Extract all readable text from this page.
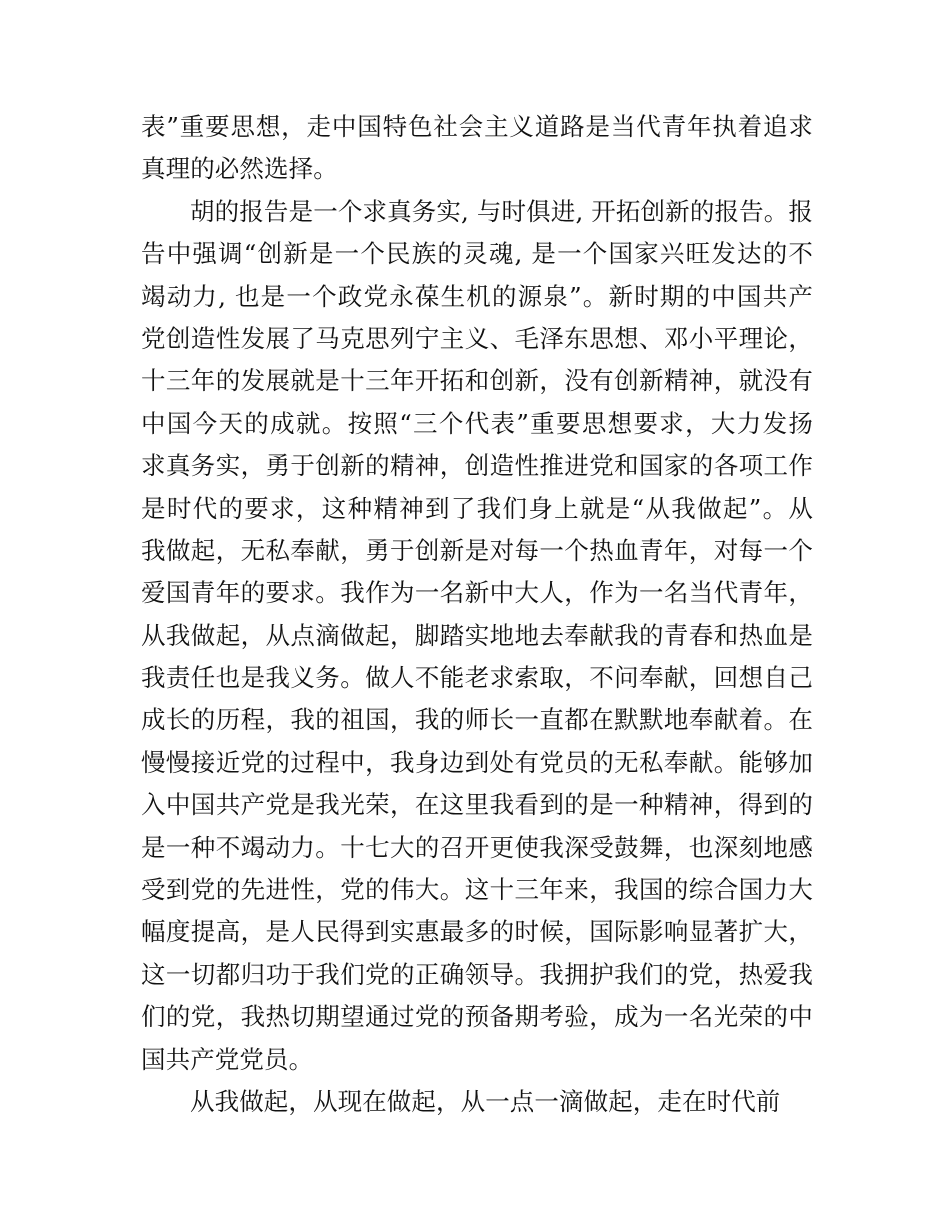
表”重要思想，走中国特色社会主义道路是当代青年执着追求
真理的必然选择。
胡的报告是一个求真务实, 与时俱进, 开拓创新的报告。报
告中强调“创新是一个民族的灵魂, 是一个国家兴旺发达的不
竭动力, 也是一个政党永葆生机的源泉”。新时期的中国共产
党创造性发展了马克思列宁主义、毛泽东思想、邓小平理论，
十三年的发展就是十三年开拓和创新，没有创新精神，就没有
中国今天的成就。按照“三个代表”重要思想要求，大力发扬
求真务实，勇于创新的精神，创造性推进党和国家的各项工作
是时代的要求，这种精神到了我们身上就是“从我做起”。从
我做起，无私奉献，勇于创新是对每一个热血青年，对每一个
爱国青年的要求。我作为一名新中大人，作为一名当代青年，
从我做起，从点滴做起，脚踏实地地去奉献我的青春和热血是
我责任也是我义务。做人不能老求索取，不问奉献，回想自己
成长的历程，我的祖国，我的师长一直都在默默地奉献着。在
慢慢接近党的过程中，我身边到处有党员的无私奉献。能够加
入中国共产党是我光荣，在这里我看到的是一种精神，得到的
是一种不竭动力。十七大的召开更使我深受鼓舞，也深刻地感
受到党的先进性，党的伟大。这十三年来，我国的综合国力大
幅度提高，是人民得到实惠最多的时候，国际影响显著扩大，
这一切都归功于我们党的正确领导。我拥护我们的党，热爱我
们的党，我热切期望通过党的预备期考验，成为一名光荣的中
国共产党党员。
从我做起，从现在做起，从一点一滴做起，走在时代前
